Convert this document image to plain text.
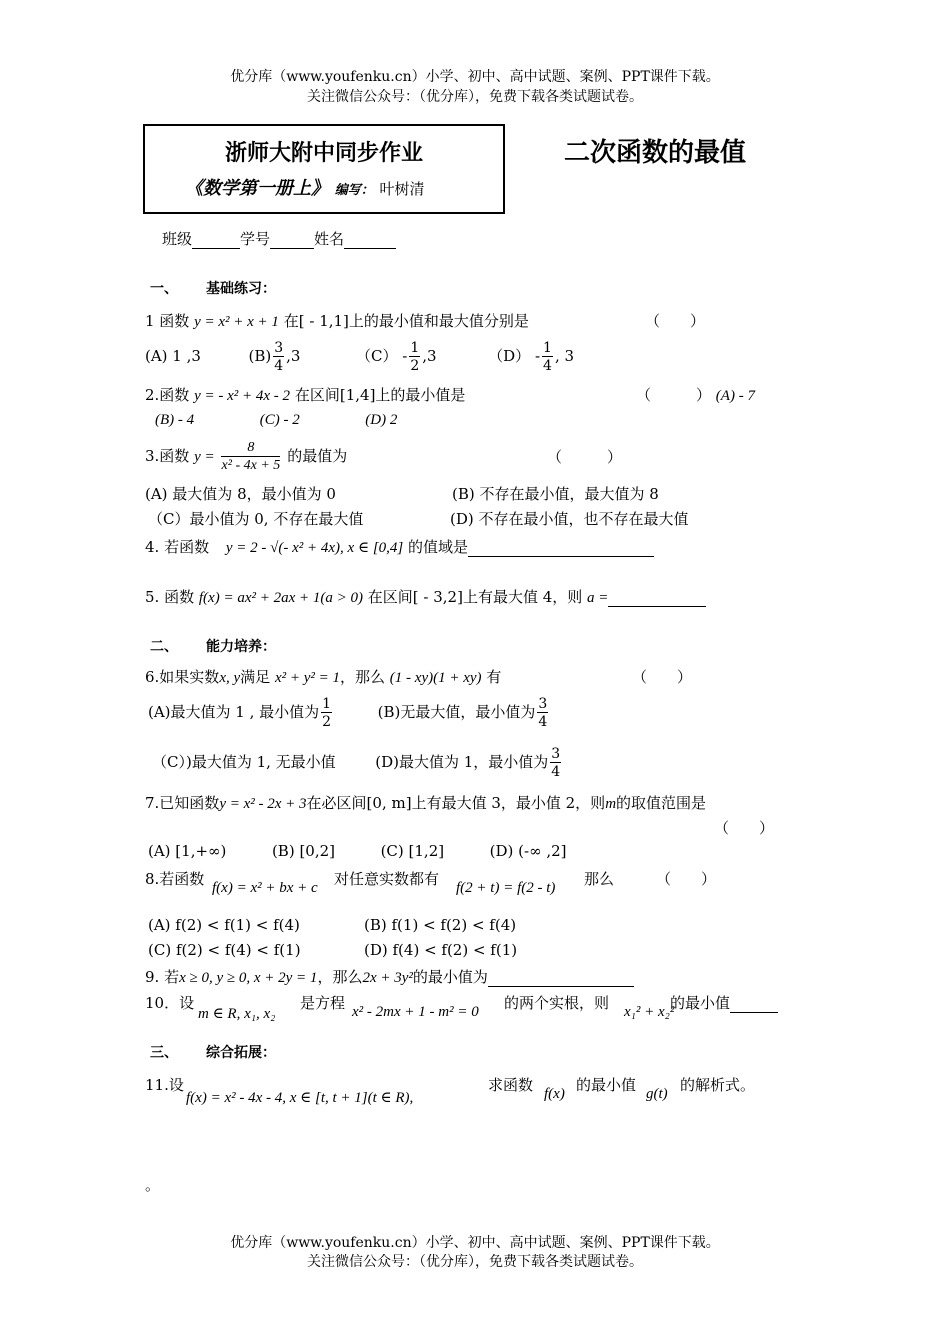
优分库（www.youfenku.cn）小学、初中、高中试题、案例、PPT课件下载。
关注微信公众号：（优分库），免费下载各类试题试卷。
浙师大附中同步作业
《数学第一册上》 编写： 叶树清
二次函数的最值
班级	学号	姓名
一、 基础练习：
1 函数 y = x² + x + 1 在[ - 1,1]上的最小值和最大值分别是	（　　）
(A) 1 ,3	$(B) \frac{3}{4} ,3$	$(C) - \frac{1}{2} ,3$	$(D) - \frac{1}{4}$ , 3
2.函数 y = - x² + 4x - 2 在区间[1,4]上的最小值是	（　　　） (A) - 7
(B) - 4	(C) - 2	(D) 2
3.函数 $y = \frac{8}{\text{x² - 4x + 5}}$ 的最值为	（　　　）
(A) 最大值为 8，最小值为 0	(B) 不存在最小值，最大值为 8
（C）最小值为 0, 不存在最大值	(D) 不存在最小值，也不存在最大值
4. 若函数 y = 2 - √(- x² + 4x), x ∈ [0,4] 的值域是
5. 函数 f(x) = ax² + 2ax + 1(a > 0) 在区间[ - 3,2]上有最大值 4，则 a =
二、 能力培养：
6.如果实数x, y满足 x² + y² = 1，那么 (1 - xy)(1 + xy) 有	（　　）
(A)最大值为 1 , 最小值为 $\frac{1}{2}$	(B)无最大值，最小值为 $\frac{3}{4}$
（C）)最大值为 1, 无最小值	(D)最大值为 1，最小值为 $\frac{3}{4}$
7.已知函数y = x² - 2x + 3在必区间[0, m]上有最大值 3，最小值 2，则m的取值范围是
（　　）
(A) [1,+∞)	(B) [0,2]	(C) [1,2]	(D) (-∞ ,2]
8.若函数 f(x) = x² + bx + c 对任意实数都有 f(2 + t) = f(2 - t) 那么	（　　）
(A) f(2) < f(1) < f(4)	(B) f(1) < f(2) < f(4)
(C) f(2) < f(4) < f(1)	(D) f(4) < f(2) < f(1)
9. 若x ≥ 0, y ≥ 0, x + 2y = 1，那么2x + 3y²的最小值为
10．设
m ∈ R, x₁, x₂
是方程 x² - 2mx + 1 - m² = 0 的两个实根，则 x₁² + x₂²
的最小值
三、 综合拓展：
11.设
f(x) = x² - 4x - 4, x ∈ [t, t + 1](t ∈ R),
求函数 f(x) 的最小值 g(t) 的解析式。
。
优分库（www.youfenku.cn）小学、初中、高中试题、案例、PPT课件下载。
关注微信公众号：（优分库），免费下载各类试题试卷。
